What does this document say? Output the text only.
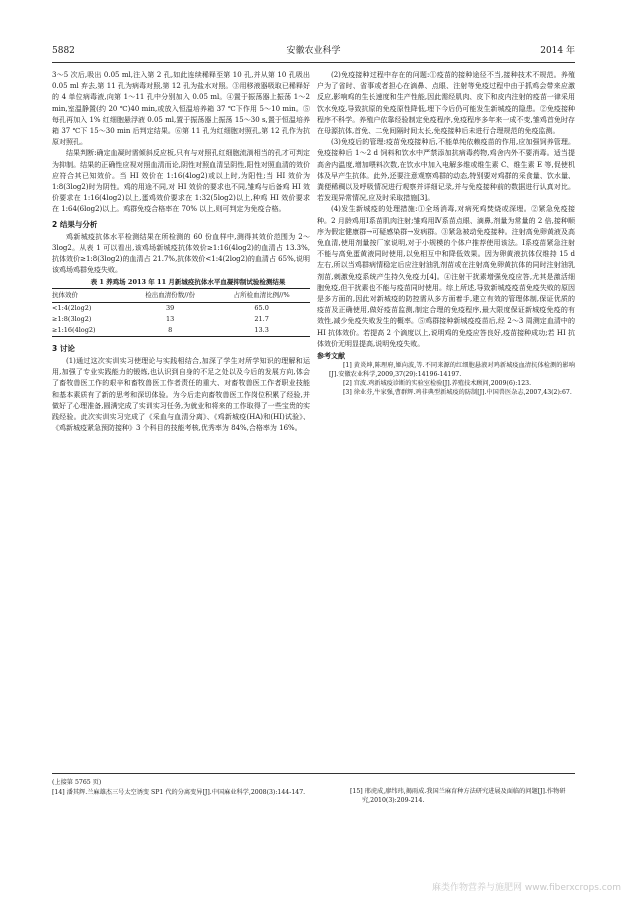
5882	安徽农业科学	2014 年

3～5 次后,吸出 0.05 ml,注入第 2 孔,如此连续稀释至第 10 孔,并从第 10 孔吸出 0.05 ml 弃去,第 11 孔为病毒对照,第 12 孔为盐水对照。③用移液器吸取已稀释好的 4 单位病毒液,向第 1～11 孔中分别加入 0.05 ml。④置于振荡器上振荡 1～2 min,室温静置(约 20 ℃)40 min,或放入恒温培养箱 37 ℃下作用 5～10 min。⑤每孔再加入 1% 红细胞悬浮液 0.05 ml,置于振荡器上振荡 15～30 s,置于恒温培养箱 37 ℃下 15～30 min 后判定结果。⑥第 11 孔为红细胞对照孔,第 12 孔作为抗原对照孔。

结果判断:确定血凝时需倾斜反应板,只有与对照孔红细胞流淌相当的孔才可判定为抑制。结果的正确性应视对照血清而论,阴性对照血清呈阴性,阳性对照血清的效价应符合其已知效价。当 HI 效价在 1:16(4log2)或以上时,为阳性;当 HI 效价为 1:8(3log2)时为阴性。鸡的用途不同,对 HI 效价的要求也不同,雏鸡与后备鸡 HI 效价要求在 1:16(4log2)以上,蛋鸡效价要求在 1:32(5log2)以上,种鸡 HI 效价要求在 1:64(6log2)以上。鸡群免疫合格率在 70% 以上,则可判定为免疫合格。

2 结果与分析

鸡新城疫抗体水平检测结果在所检测的 60 份血样中,测得其效价范围为 2～3log2。从表 1 可以看出,该鸡场新城疫抗体效价≥1:16(4log2)的血清占 13.3%,抗体效价≥1:8(3log2)的血清占 21.7%,抗体效价<1:4(2log2)的血清占 65%,说明该鸡场鸡群免疫失败。

表 1 养鸡场 2013 年 11 月新城疫抗体水平血凝抑制试验检测结果

抗体效价	检出血清份数//份	占所检血清比例//%
<1:4(2log2)	39	65.0
≥1:8(3log2)	13	21.7
≥1:16(4log2)	8	13.3

3 讨论

(1)通过这次实训实习使理论与实践相结合,加深了学生对所学知识的理解和运用,加强了专业实践能力的锻炼,也认识到自身的不足之处以及今后的发展方向,体会了畜牧兽医工作的艰辛和畜牧兽医工作者责任的重大、对畜牧兽医工作者职业技能和基本素质有了新的思考和深切体验。为今后走向畜牧兽医工作岗位积累了经验,并做好了心理准备,圆满完成了实训实习任务,为就业和将来的工作取得了一些宝贵的实践经验。此次实训实习完成了《采血与血清分离》、《鸡新城疫(HA)和(HI)试验》、《鸡新城疫紧急预防接种》3 个科目的技能考核,优秀率为 84%,合格率为 16%。

(2)免疫接种过程中存在的问题:①疫苗的接种途径不当,接种技术不规范。养殖户为了省时、省事或者担心在滴鼻、点眼、注射等免疫过程中由于抓鸡会带来应激反应,影响鸡的生长速度和生产性能,因此需经肌肉、皮下和皮内注射的疫苗一律采用饮水免疫,导致抗原的免疫原性降低,埋下今后仍可能发生新城疫的隐患。②免疫接种程序不科学。养殖户依靠经验制定免疫程序,免疫程序多年来一成不变,雏鸡首免时存在母源抗体,首免、二免间隔时间太长,免疫接种后未进行合理规范的免疫监测。

(3)免疫后的管理:疫苗免疫接种后,不能单纯依赖疫苗的作用,应加强饲养管理。免疫接种后 1～2 d 饲料和饮水中严禁添加抗病毒药物,鸡舍内外不要消毒。适当提高舍内温度,增加喂料次数,在饮水中加入电解多维或维生素 C、维生素 E 等,促使机体及早产生抗体。此外,还要注意观察鸡群的动态,特别要对鸡群的采食量、饮水量、粪便稀稠以及呼吸情况进行观察并详细记录,并与免疫接种前的数据进行认真对比。若发现异常情况,应及时采取措施[3]。

(4)发生新城疫的处理措施:①全场消毒,对病死鸡焚烧或深埋。②紧急免疫接种。2 月龄鸡用I系苗肌肉注射;雏鸡用Ⅳ系苗点眼、滴鼻,剂量为常量的 2 倍,接种顺序为假定健康群→可疑感染群→发病群。③紧急被动免疫接种。注射高免卵黄液及高免血清,使用剂量按厂家说明,对于小规模的个体户推荐使用该法。I系疫苗紧急注射不能与高免蛋黄液同时使用,以免相互中和降低效果。因为卵黄液抗体仅维持 15 d 左右,所以当鸡群病情稳定后应注射油乳剂苗或在注射高免卵黄抗体的同时注射油乳剂苗,刺激免疫系统产生持久免疫力[4]。④注射干扰素增强免疫应答,尤其是激活细胞免疫,但干扰素也不能与疫苗同时使用。综上所述,导致新城疫疫苗免疫失败的原因是多方面的,因此对新城疫的防控需从多方面着手,建立有效的管理体制,保证优质的疫苗及正确使用,做好疫苗监测,制定合理的免疫程序,最大限度保证新城疫免疫的有效性,减少免疫失败发生的概率。⑤鸡群接种新城疫疫苗后,经 2～3 周测定血清中的 HI 抗体效价。若提高 2 个滴度以上,说明鸡的免疫应答良好,疫苗接种成功;若 HI 抗体效价无明显提高,说明免疫失败。

参考文献

[1] 黄炎坤,陈理府,姬向波,等.不同来源的红细胞悬液对鸡新城疫血清抗体检测的影响[J].安徽农业科学,2009,37(29):14196-14197.

[2] 宫波.鸡新城疫诊断的实验室检验[J].养殖技术顾问,2009(6):123.

[3] 徐业芬,牛家强,曹群辉.鸡非典型新城疫的防制[J].中国兽医杂志,2007,43(2):67.

(上接第 5765 页)

[14] 潘其辉.兰麻雄杰三号太空诱变 SP1 代的分离变异[J].中国麻业科学,2008(3):144-147.	[15] 邢虎成,廖纬玮,揭雨成.我国兰麻育种方法研究进展及面临的问题[J].作物研究,2010(3):209-214.

麻类作物营养与施肥网 www.fiberxcrops.com
